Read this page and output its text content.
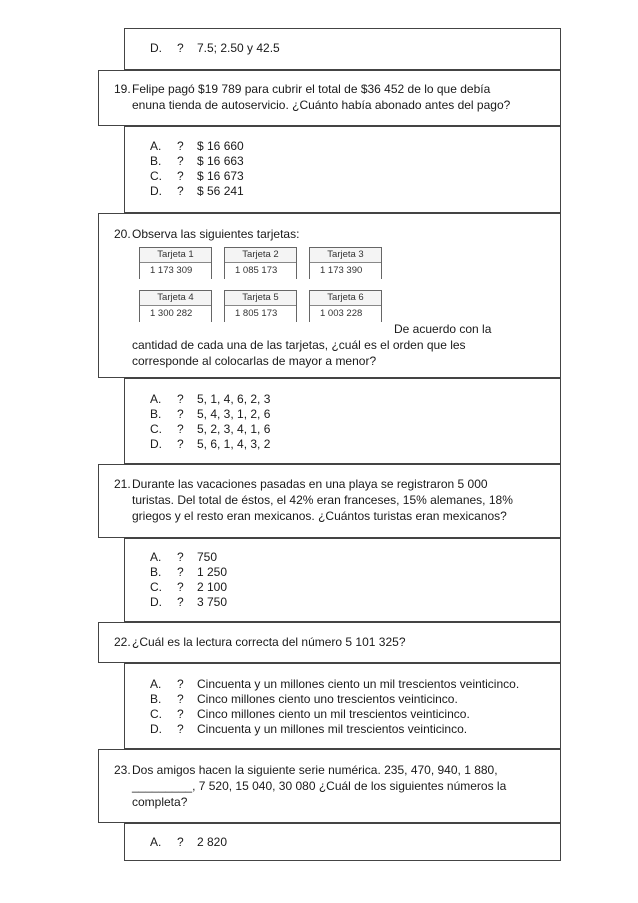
D. ? 7.5; 2.50 y 42.5
19.Felipe pagó $19 789 para cubrir el total de $36 452 de lo que debía
enuna tienda de autoservicio. ¿Cuánto había abonado antes del pago?
A. ? $ 16 660
B. ? $ 16 663
C. ? $ 16 673
D. ? $ 56 241
20.Observa las siguientes tarjetas:
Tarjeta 1
1 173 309
Tarjeta 2
1 085 173
Tarjeta 3
1 173 390
Tarjeta 4
1 300 282
Tarjeta 5
1 805 173
Tarjeta 6
1 003 228
De acuerdo con la
cantidad de cada una de las tarjetas, ¿cuál es el orden que les
corresponde al colocarlas de mayor a menor?
A. ? 5, 1, 4, 6, 2, 3
B. ? 5, 4, 3, 1, 2, 6
C. ? 5, 2, 3, 4, 1, 6
D. ? 5, 6, 1, 4, 3, 2
21.Durante las vacaciones pasadas en una playa se registraron 5 000
turistas. Del total de éstos, el 42% eran franceses, 15% alemanes, 18%
griegos y el resto eran mexicanos. ¿Cuántos turistas eran mexicanos?
A. ? 750
B. ? 1 250
C. ? 2 100
D. ? 3 750
22.¿Cuál es la lectura correcta del número 5 101 325?
A. ? Cincuenta y un millones ciento un mil trescientos veinticinco.
B. ? Cinco millones ciento uno trescientos veinticinco.
C. ? Cinco millones ciento un mil trescientos veinticinco.
D. ? Cincuenta y un millones mil trescientos veinticinco.
23.Dos amigos hacen la siguiente serie numérica. 235, 470, 940, 1 880,
_________, 7 520, 15 040, 30 080 ¿Cuál de los siguientes números la
completa?
A. ? 2 820
